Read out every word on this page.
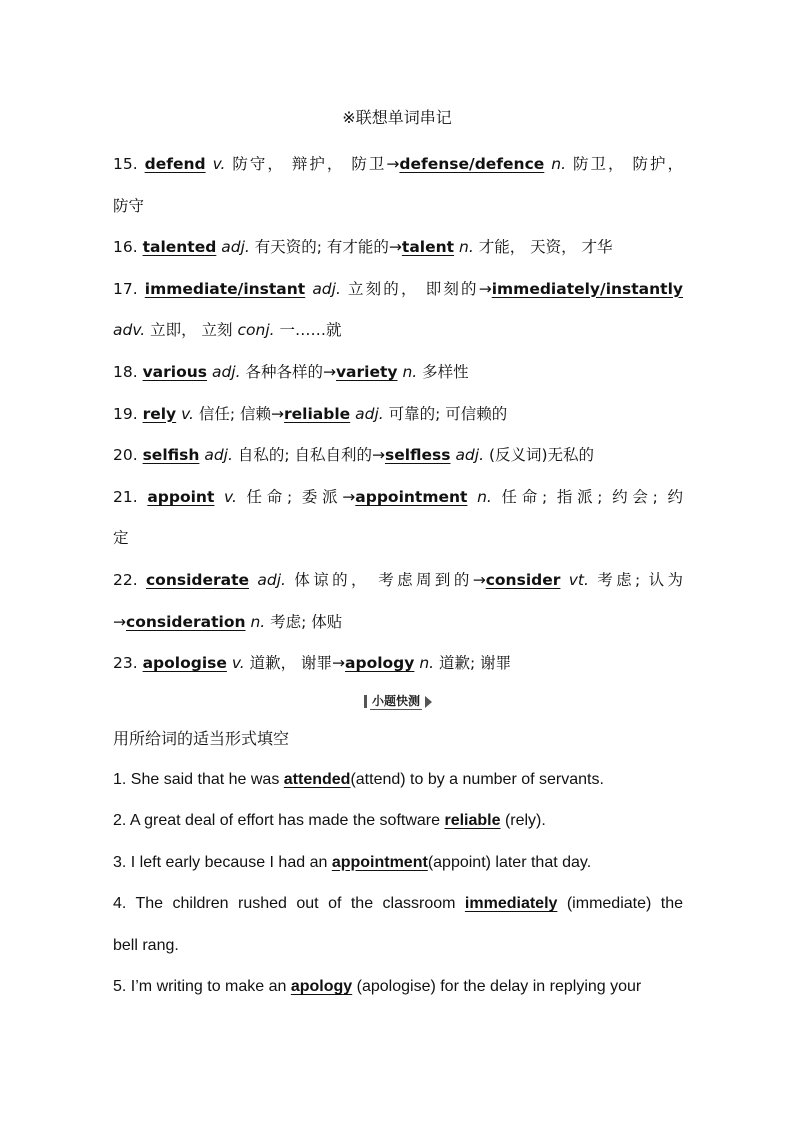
※联想单词串记
15. defend v. 防守， 辩护， 防卫→defense/defence n. 防卫， 防护，
防守
16. talented adj. 有天资的; 有才能的→talent n. 才能， 天资， 才华
17. immediate/instant adj. 立刻的， 即刻的→immediately/instantly
adv. 立即， 立刻 conj. 一……就
18. various adj. 各种各样的→variety n. 多样性
19. rely v. 信任; 信赖→reliable adj. 可靠的; 可信赖的
20. selfish adj. 自私的; 自私自利的→selfless adj. (反义词)无私的
21. appoint v. 任命; 委派→appointment n. 任命; 指派; 约会; 约
定
22. considerate adj. 体谅的， 考虑周到的→consider vt. 考虑; 认为
→consideration n. 考虑; 体贴
23. apologise v. 道歉， 谢罪→apology n. 道歉; 谢罪
小题快测
用所给词的适当形式填空
1. She said that he was attended(attend) to by a number of servants.
2. A great deal of effort has made the software reliable (rely).
3. I left early because I had an appointment(appoint) later that day.
4. The children rushed out of the classroom immediately (immediate) the
bell rang.
5. I’m writing to make an apology (apologise) for the delay in replying your
